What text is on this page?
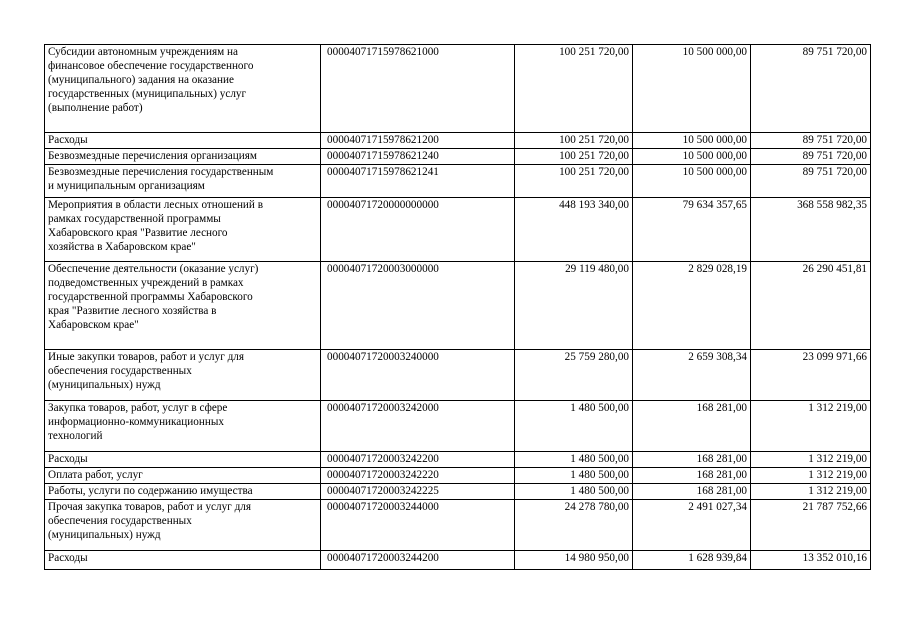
Субсидии автономным учреждениям на
финансовое обеспечение государственного
(муниципального) задания на оказание
государственных (муниципальных) услуг
(выполнение работ)	00004071715978621000	100 251 720,00	10 500 000,00	89 751 720,00
Расходы	00004071715978621200	100 251 720,00	10 500 000,00	89 751 720,00
Безвозмездные перечисления организациям	00004071715978621240	100 251 720,00	10 500 000,00	89 751 720,00
Безвозмездные перечисления государственным
и муниципальным организациям	00004071715978621241	100 251 720,00	10 500 000,00	89 751 720,00
Мероприятия в области лесных отношений в
рамках государственной программы
Хабаровского края "Развитие лесного
хозяйства в Хабаровском крае"	00004071720000000000	448 193 340,00	79 634 357,65	368 558 982,35
Обеспечение деятельности (оказание услуг)
подведомственных учреждений в рамках
государственной программы Хабаровского
края "Развитие лесного хозяйства в
Хабаровском крае"	00004071720003000000	29 119 480,00	2 829 028,19	26 290 451,81
Иные закупки товаров, работ и услуг для
обеспечения государственных
(муниципальных) нужд	00004071720003240000	25 759 280,00	2 659 308,34	23 099 971,66
Закупка товаров, работ, услуг в сфере
информационно-коммуникационных
технологий	00004071720003242000	1 480 500,00	168 281,00	1 312 219,00
Расходы	00004071720003242200	1 480 500,00	168 281,00	1 312 219,00
Оплата работ, услуг	00004071720003242220	1 480 500,00	168 281,00	1 312 219,00
Работы, услуги по содержанию имущества	00004071720003242225	1 480 500,00	168 281,00	1 312 219,00
Прочая закупка товаров, работ и услуг для
обеспечения государственных
(муниципальных) нужд	00004071720003244000	24 278 780,00	2 491 027,34	21 787 752,66
Расходы	00004071720003244200	14 980 950,00	1 628 939,84	13 352 010,16
